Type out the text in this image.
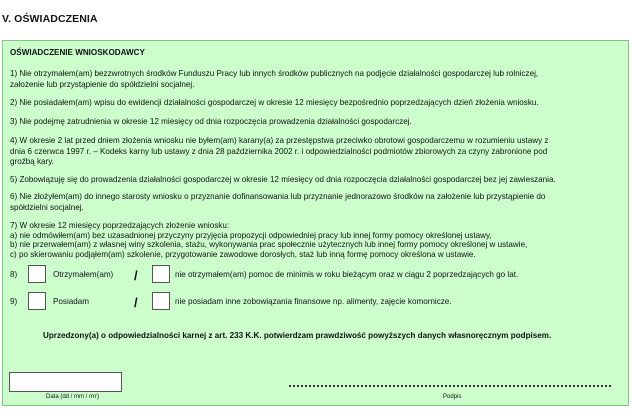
V. OŚWIADCZENIA
OŚWIADCZENIE WNIOSKODAWCY
1) Nie otrzymałem(am) bezzwrotnych środków Funduszu Pracy lub innych środków publicznych na podjęcie działalności gospodarczej lub rolniczej,
założenie lub przystąpienie do spółdzielni socjalnej.
2) Nie posiadałem(am) wpisu do ewidencji działalności gospodarczej w okresie 12 miesięcy bezpośrednio poprzedzających dzień złożenia wniosku.
3) Nie podejmę zatrudnienia w okresie 12 miesięcy od dnia rozpoczęcia prowadzenia działalności gospodarczej.
4) W okresie 2 lat przed dniem złożenia wniosku nie byłem(am) karany(a) za przestępstwa przeciwko obrotowi gospodarczemu w rozumieniu ustawy z
dnia 6 czerwca 1997 r. – Kodeks karny lub ustawy z dnia 28 października 2002 r. i odpowiedzialności podmiotów zbiorowych za czyny zabronione pod
groźbą kary.
5) Zobowiązuję się do prowadzenia działalności gospodarczej w okresie 12 miesięcy od dnia rozpoczęcia działalności gospodarczej bez jej zawieszania.
6) Nie złożyłem(am) do innego starosty wniosku o przyznanie dofinansowania lub przyznanie jednorazowo środków na założenie lub przystąpienie do
spółdzielni socjalnej.
7) W okresie 12 miesięcy poprzedzających złożenie wniosku:
a) nie odmówiłem(am) bez uzasadnionej przyczyny przyjęcia propozycji odpowiedniej pracy lub innej formy pomocy określonej ustawy,
b) nie przerwałem(am) z własnej winy szkolenia, stażu, wykonywania prac społecznie użytecznych lub innej formy pomocy określonej w ustawie,
c) po skierowaniu podjąłem(am) szkolenie, przygotowanie zawodowe dorosłych, staż lub inną formę pomocy określona w ustawie.
8)	Otrzymałem(am) /	nie otrzymałem(am) pomoc de minimis w roku bieżącym oraz w ciągu 2 poprzedzających go lat.
9)	Posiadam	/	nie posiadam inne zobowiązania finansowe np. alimenty, zajęcie komornicze.
Uprzedzony(a) o odpowiedzialności karnej z art. 233 K.K. potwierdzam prawdziwość powyższych danych własnoręcznym podpisem.
Data (dd / mm / rrrr)	Podpis
